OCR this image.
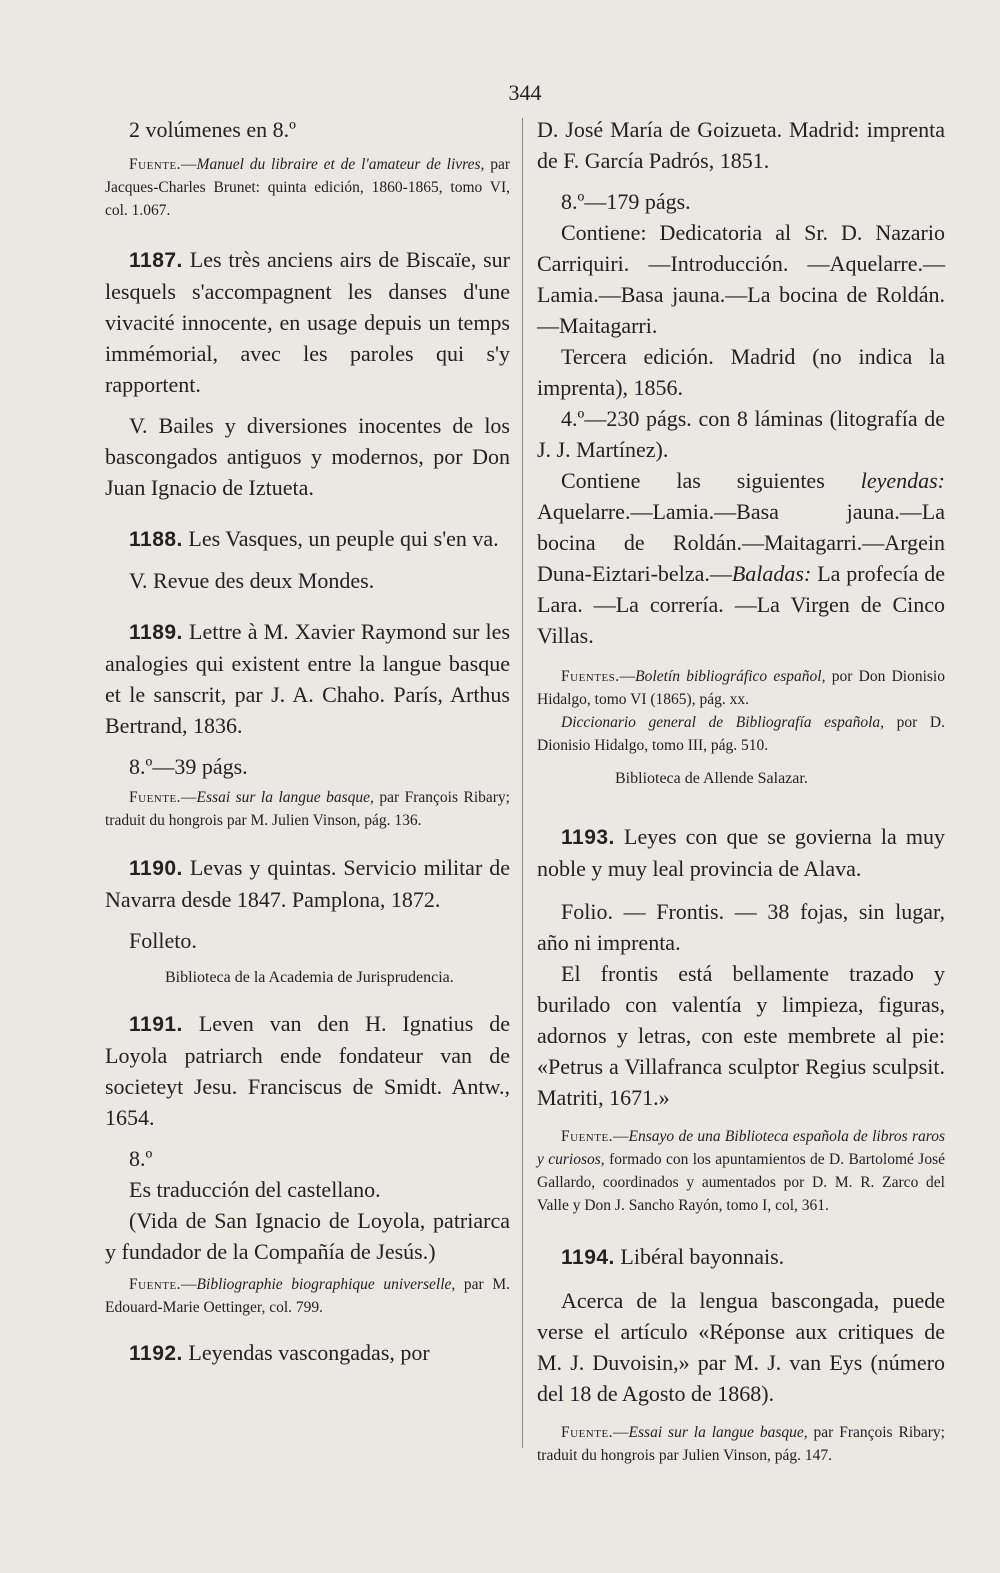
344

2 volúmenes en 8.º

Fuente.—Manuel du libraire et de l'amateur de livres, par Jacques-Charles Brunet: quinta edición, 1860-1865, tomo VI, col. 1.067.

1187. Les très anciens airs de Biscaïe, sur lesquels s'accompagnent les danses d'une vivacité innocente, en usage depuis un temps immémorial, avec les paroles qui s'y rapportent.

V. Bailes y diversiones inocentes de los bascongados antiguos y modernos, por Don Juan Ignacio de Iztueta.

1188. Les Vasques, un peuple qui s'en va.

V. Revue des deux Mondes.

1189. Lettre à M. Xavier Raymond sur les analogies qui existent entre la langue basque et le sanscrit, par J. A. Chaho. París, Arthus Bertrand, 1836.

8.º—39 págs.

Fuente.—Essai sur la langue basque, par François Ribary; traduit du hongrois par M. Julien Vinson, pág. 136.

1190. Levas y quintas. Servicio militar de Navarra desde 1847. Pamplona, 1872.

Folleto.

Biblioteca de la Academia de Jurisprudencia.

1191. Leven van den H. Ignatius de Loyola patriarch ende fondateur van de societeyt Jesu. Franciscus de Smidt. Antw., 1654.

8.º

Es traducción del castellano.

(Vida de San Ignacio de Loyola, patriarca y fundador de la Compañía de Jesús.)

Fuente.—Bibliographie biographique universelle, par M. Edouard-Marie Oettinger, col. 799.

1192. Leyendas vascongadas, por

D. José María de Goizueta. Madrid: imprenta de F. García Padrós, 1851.

8.º—179 págs.

Contiene: Dedicatoria al Sr. D. Nazario Carriquiri. —Introducción. —Aquelarre.—Lamia.—Basa jauna.—La bocina de Roldán.—Maitagarri.

Tercera edición. Madrid (no indica la imprenta), 1856.

4.º—230 págs. con 8 láminas (litografía de J. J. Martínez).

Contiene las siguientes leyendas: Aquelarre.—Lamia.—Basa jauna.—La bocina de Roldán.—Maitagarri.—Argein Duna-Eiztari-belza.—Baladas: La profecía de Lara. —La correría. —La Virgen de Cinco Villas.

Fuentes.—Boletín bibliográfico español, por Don Dionisio Hidalgo, tomo VI (1865), pág. xx.

Diccionario general de Bibliografía española, por D. Dionisio Hidalgo, tomo III, pág. 510.

Biblioteca de Allende Salazar.

1193. Leyes con que se govierna la muy noble y muy leal provincia de Alava.

Folio. — Frontis. — 38 fojas, sin lugar, año ni imprenta.

El frontis está bellamente trazado y burilado con valentía y limpieza, figuras, adornos y letras, con este membrete al pie: «Petrus a Villafranca sculptor Regius sculpsit. Matriti, 1671.»

Fuente.—Ensayo de una Biblioteca española de libros raros y curiosos, formado con los apuntamientos de D. Bartolomé José Gallardo, coordinados y aumentados por D. M. R. Zarco del Valle y Don J. Sancho Rayón, tomo I, col, 361.

1194. Libéral bayonnais.

Acerca de la lengua bascongada, puede verse el artículo «Réponse aux critiques de M. J. Duvoisin,» par M. J. van Eys (número del 18 de Agosto de 1868).

Fuente.—Essai sur la langue basque, par François Ribary; traduit du hongrois par Julien Vinson, pág. 147.
